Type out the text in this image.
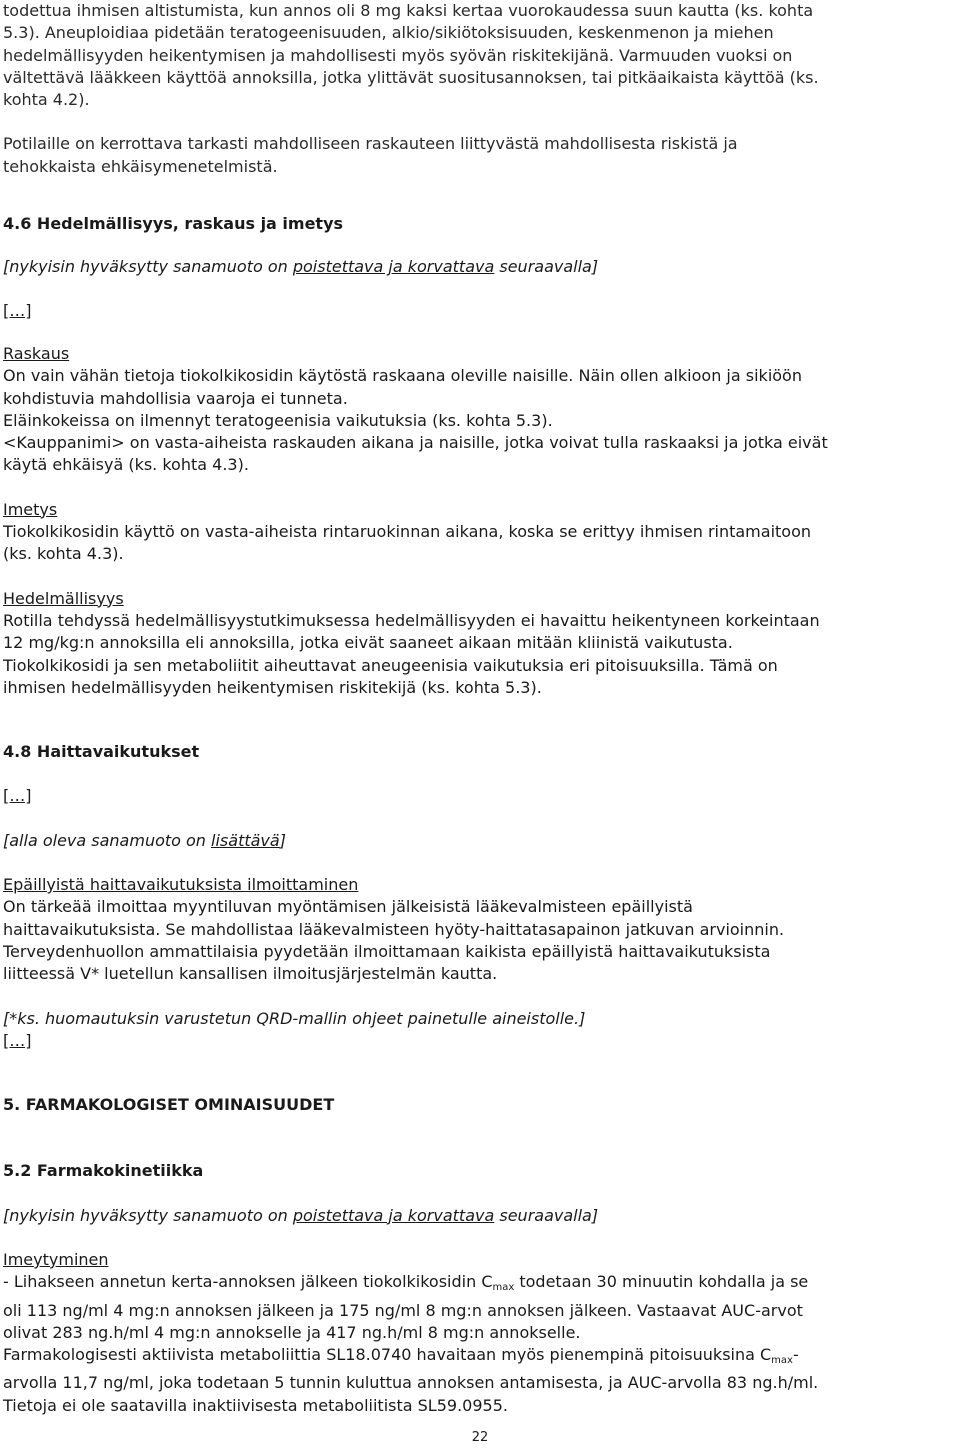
todettua ihmisen altistumista, kun annos oli 8 mg kaksi kertaa vuorokaudessa suun kautta (ks. kohta

5.3). Aneuploidiaa pidetään teratogeenisuuden, alkio/sikiötoksisuuden, keskenmenon ja miehen

hedelmällisyyden heikentymisen ja mahdollisesti myös syövän riskitekijänä. Varmuuden vuoksi on

vältettävä lääkkeen käyttöä annoksilla, jotka ylittävät suositusannoksen, tai pitkäaikaista käyttöä (ks.

kohta 4.2).

Potilaille on kerrottava tarkasti mahdolliseen raskauteen liittyvästä mahdollisesta riskistä ja

tehokkaista ehkäisymenetelmistä.

4.6 Hedelmällisyys, raskaus ja imetys

[nykyisin hyväksytty sanamuoto on poistettava ja korvattava seuraavalla]

[…]

Raskaus

On vain vähän tietoja tiokolkikosidin käytöstä raskaana oleville naisille. Näin ollen alkioon ja sikiöön

kohdistuvia mahdollisia vaaroja ei tunneta.

Eläinkokeissa on ilmennyt teratogeenisia vaikutuksia (ks. kohta 5.3).

<Kauppanimi> on vasta-aiheista raskauden aikana ja naisille, jotka voivat tulla raskaaksi ja jotka eivät

käytä ehkäisyä (ks. kohta 4.3).

Imetys

Tiokolkikosidin käyttö on vasta-aiheista rintaruokinnan aikana, koska se erittyy ihmisen rintamaitoon

(ks. kohta 4.3).

Hedelmällisyys

Rotilla tehdyssä hedelmällisyystutkimuksessa hedelmällisyyden ei havaittu heikentyneen korkeintaan

12 mg/kg:n annoksilla eli annoksilla, jotka eivät saaneet aikaan mitään kliinistä vaikutusta.

Tiokolkikosidi ja sen metaboliitit aiheuttavat aneugeenisia vaikutuksia eri pitoisuuksilla. Tämä on

ihmisen hedelmällisyyden heikentymisen riskitekijä (ks. kohta 5.3).

4.8 Haittavaikutukset

[…]

[alla oleva sanamuoto on lisättävä]

Epäillyistä haittavaikutuksista ilmoittaminen

On tärkeää ilmoittaa myyntiluvan myöntämisen jälkeisistä lääkevalmisteen epäillyistä

haittavaikutuksista. Se mahdollistaa lääkevalmisteen hyöty-haittatasapainon jatkuvan arvioinnin.

Terveydenhuollon ammattilaisia pyydetään ilmoittamaan kaikista epäillyistä haittavaikutuksista

liitteessä V* luetellun kansallisen ilmoitusjärjestelmän kautta.

[*ks. huomautuksin varustetun QRD-mallin ohjeet painetulle aineistolle.]

[…]

5. FARMAKOLOGISET OMINAISUUDET

5.2 Farmakokinetiikka

[nykyisin hyväksytty sanamuoto on poistettava ja korvattava seuraavalla]

Imeytyminen

- Lihakseen annetun kerta-annoksen jälkeen tiokolkikosidin $C_{max}$ todetaan 30 minuutin kohdalla ja se

oli 113 ng/ml 4 mg:n annoksen jälkeen ja 175 ng/ml 8 mg:n annoksen jälkeen. Vastaavat AUC-arvot

olivat 283 ng.h/ml 4 mg:n annokselle ja 417 ng.h/ml 8 mg:n annokselle.

Farmakologisesti aktiivista metaboliittia SL18.0740 havaitaan myös pienempinä pitoisuuksina $C_{max}-$

arvolla 11,7 ng/ml, joka todetaan 5 tunnin kuluttua annoksen antamisesta, ja AUC-arvolla 83 ng.h/ml.

Tietoja ei ole saatavilla inaktiivisesta metaboliitista SL59.0955.

22
